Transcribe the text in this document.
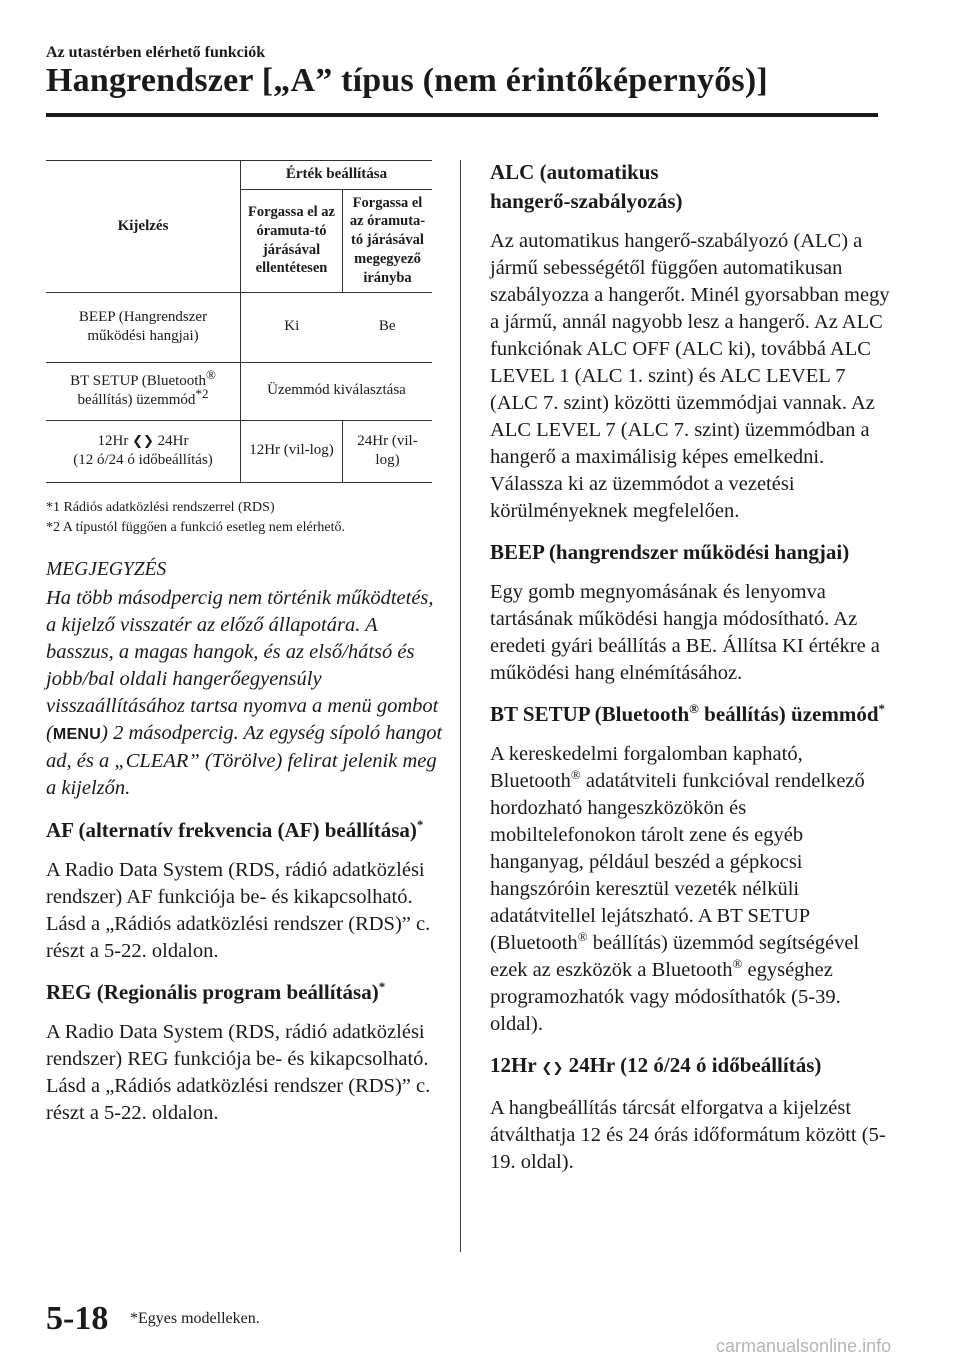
Az utastérben elérhető funkciók
Hangrendszer [„A” típus (nem érintőképernyős)]
Kijelzés	Érték beállítása	
	Forgassa el az óramuta-tó járásával ellentétesen	Forgassa el az óramuta-tó járásával megegyező irányba
BEEP (Hangrendszer működési hangjai)	Ki	Be
BT SETUP (Bluetooth®
beállítás) üzemmód$^{*2}$	Üzemmód kiválasztása	
12Hr ❮❯ 24Hr
(12 ó/24 ó időbeállítás)	12Hr (vil-log)	24Hr (vil-log)
*1 Rádiós adatközlési rendszerrel (RDS)
*2 A típustól függően a funkció esetleg nem elérhető.
MEGJEGYZÉS

Ha több másodpercig nem történik működtetés, a kijelző visszatér az előző állapotára. A basszus, a magas hangok, és az első/hátsó és jobb/bal oldali hangerőegyensúly visszaállításához tartsa nyomva a menü gombot (MENU) 2 másodpercig. Az egység sípoló hangot ad, és a „CLEAR” (Törölve) felirat jelenik meg a kijelzőn.

AF (alternatív frekvencia (AF) beállítása)*

A Radio Data System (RDS, rádió adatközlési rendszer) AF funkciója be- és kikapcsolható.

Lásd a „Rádiós adatközlési rendszer (RDS)” c. részt a 5-22. oldalon.

REG (Regionális program beállítása)*

A Radio Data System (RDS, rádió adatközlési rendszer) REG funkciója be- és kikapcsolható.

Lásd a „Rádiós adatközlési rendszer (RDS)” c. részt a 5-22. oldalon.

ALC (automatikus hangerő-szabályozás)

Az automatikus hangerő-szabályozó (ALC) a jármű sebességétől függően automatikusan szabályozza a hangerőt. Minél gyorsabban megy a jármű, annál nagyobb lesz a hangerő. Az ALC funkciónak ALC OFF (ALC ki), továbbá ALC LEVEL 1 (ALC 1. szint) és ALC LEVEL 7 (ALC 7. szint) közötti üzemmódjai vannak. Az ALC LEVEL 7 (ALC 7. szint) üzemmódban a hangerő a maximálisig képes emelkedni. Válassza ki az üzemmódot a vezetési körülményeknek megfelelően.

BEEP (hangrendszer működési hangjai)

Egy gomb megnyomásának és lenyomva tartásának működési hangja módosítható. Az eredeti gyári beállítás a BE. Állítsa KI értékre a működési hang elnémításához.

BT SETUP (Bluetooth® beállítás) üzemmód*

A kereskedelmi forgalomban kapható, Bluetooth® adatátviteli funkcióval rendelkező hordozható hangeszközökön és mobiltelefonokon tárolt zene és egyéb hanganyag, például beszéd a gépkocsi hangszóróin keresztül vezeték nélküli adatátvitellel lejátszható. A BT SETUP (Bluetooth® beállítás) üzemmód segítségével ezek az eszközök a Bluetooth® egységhez programozhatók vagy módosíthatók (5-39. oldal).

12Hr ❮❯ 24Hr (12 ó/24 ó időbeállítás)

A hangbeállítás tárcsát elforgatva a kijelzést átválthatja 12 és 24 órás időformátum között (5-19. oldal).

5-18 *Egyes modelleken.
carmanualsonline.info
